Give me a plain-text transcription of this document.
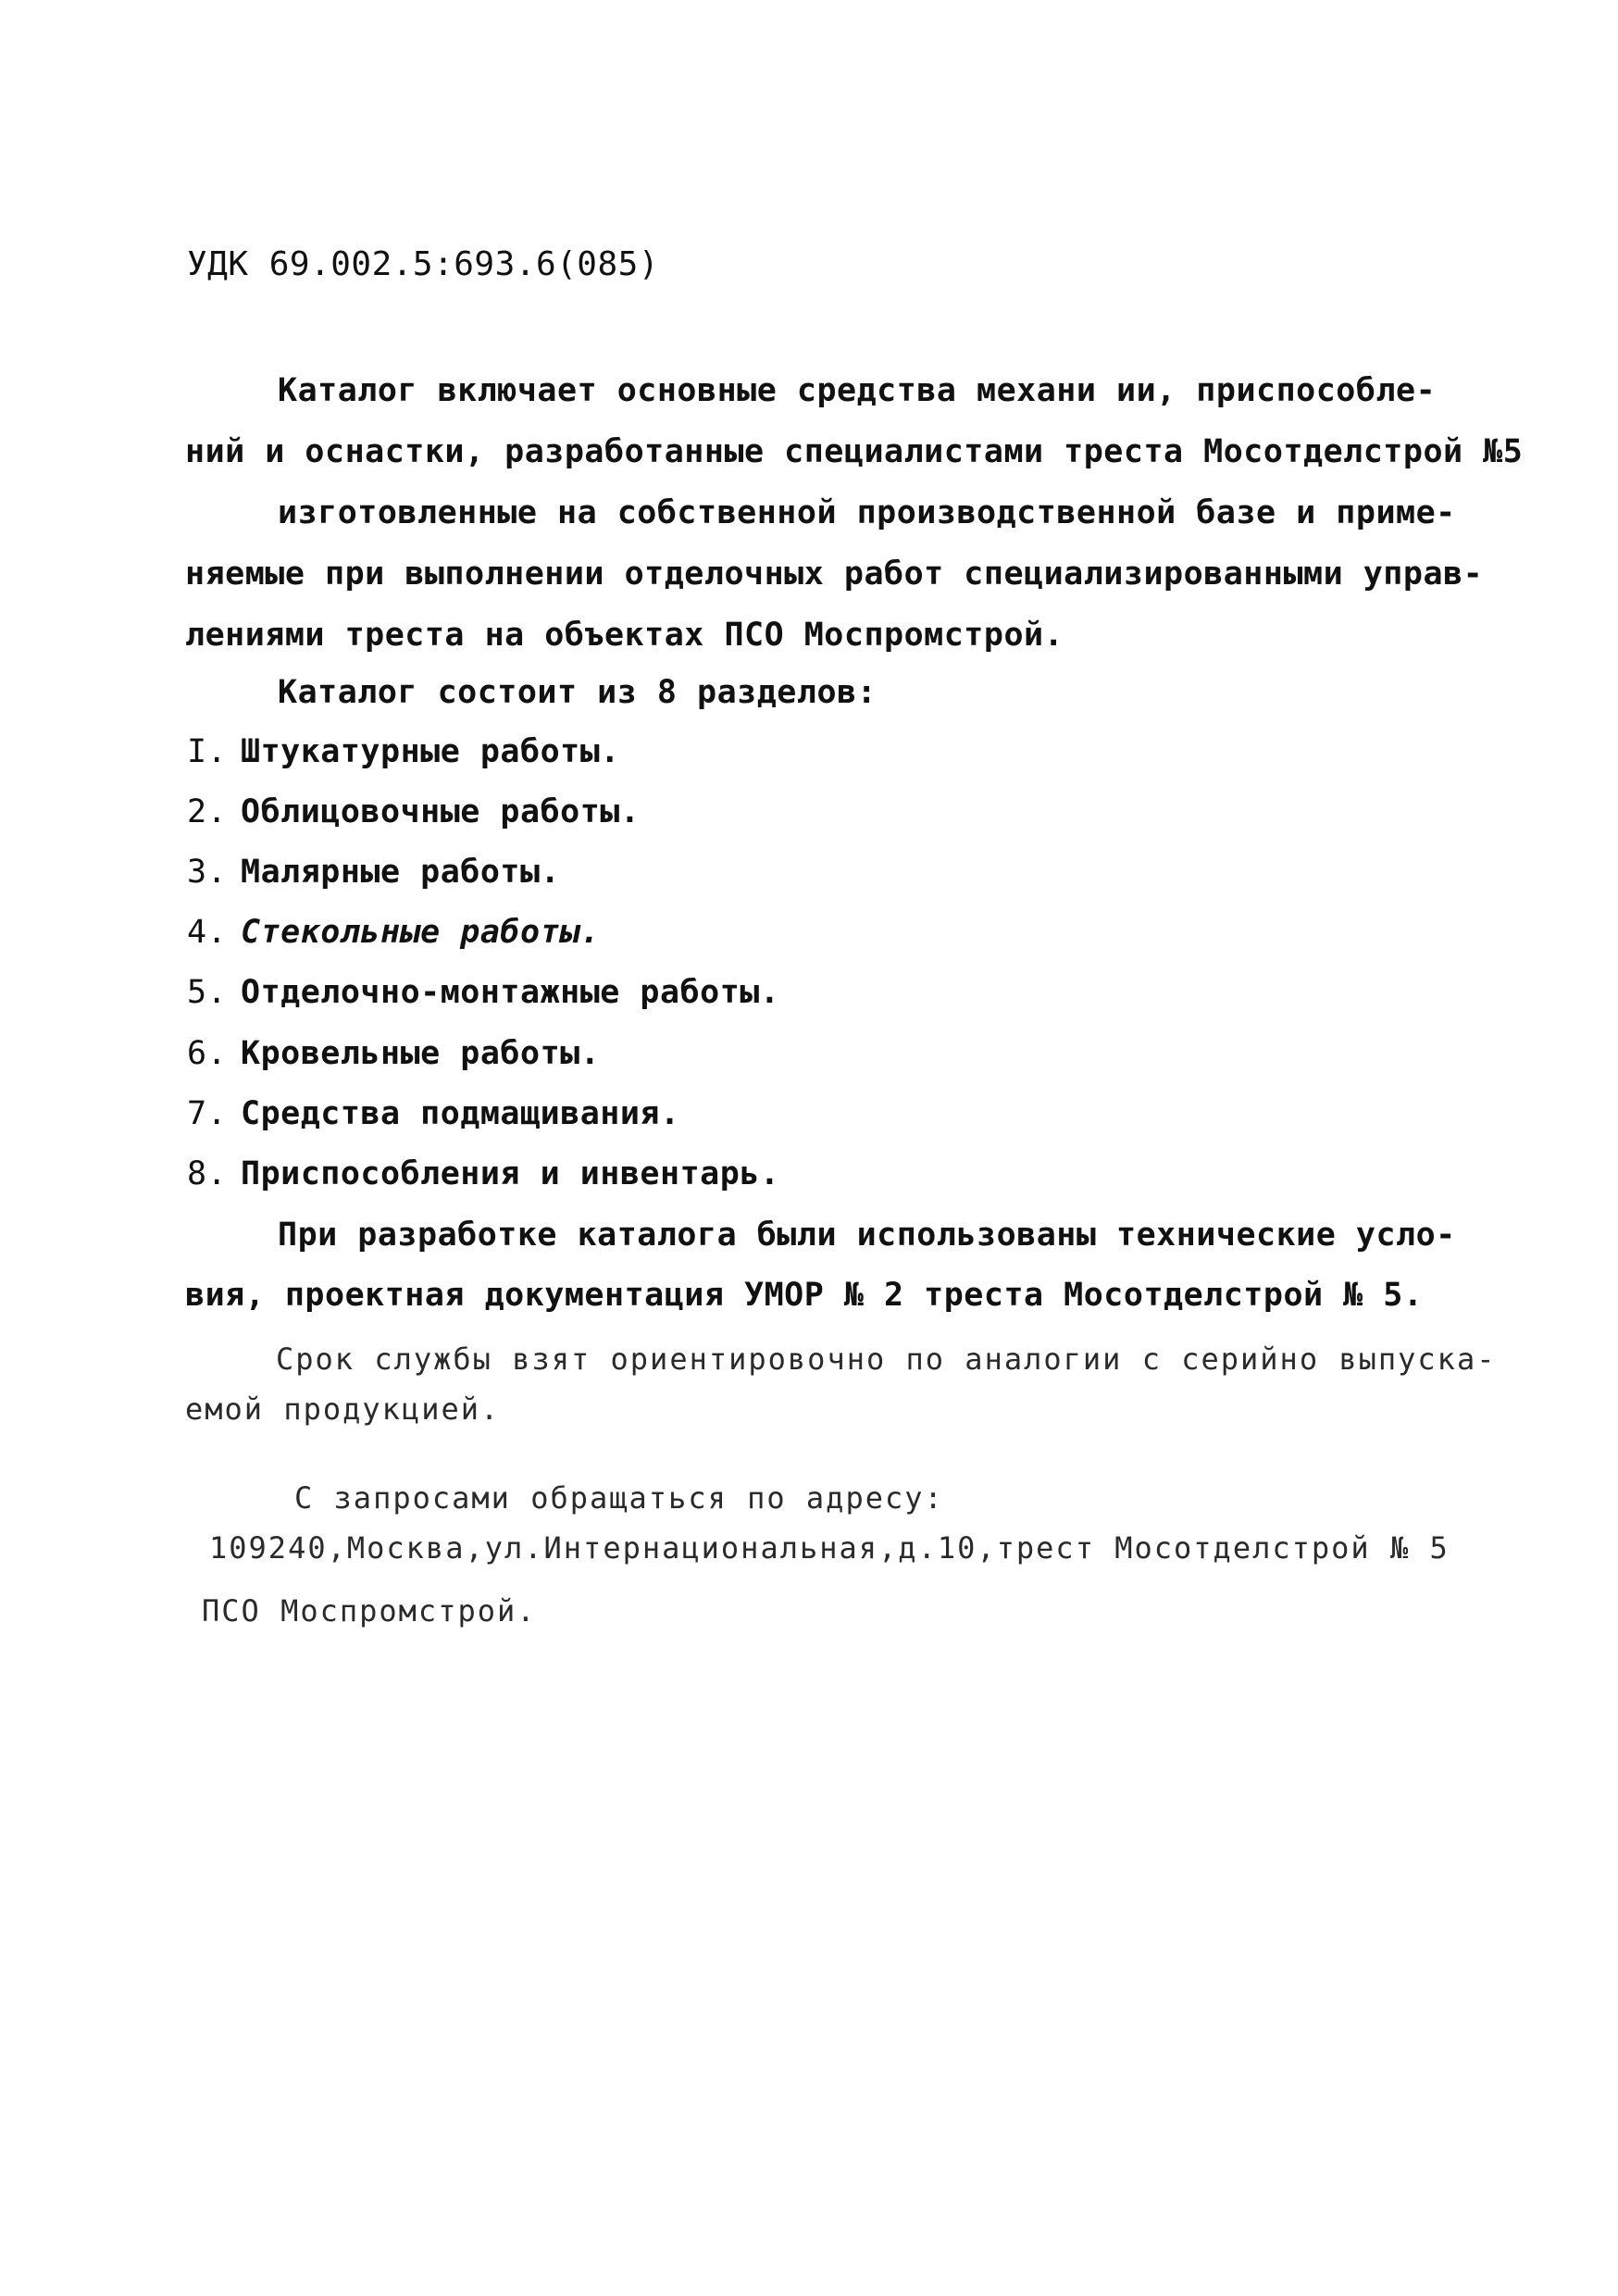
УДК 69.002.5:693.6(085)
Каталог включает основные средства механи ии, приспособле-
ний и оснастки, разработанные специалистами треста Мосотделстрой №5
изготовленные на собственной производственной базе и приме-
няемые при выполнении отделочных работ специализированными управ-
лениями треста на объектах ПСО Моспромстрой.
Каталог состоит из 8 разделов:
I. Штукатурные работы.
2. Облицовочные работы.
3. Малярные работы.
4. Стекольные работы.
5. Отделочно-монтажные работы.
6. Кровельные работы.
7. Средства подмащивания.
8. Приспособления и инвентарь.
При разработке каталога были использованы технические усло-
вия, проектная документация УМОР № 2 треста Мосотделстрой № 5.
Срок службы взят ориентировочно по аналогии с серийно выпуска-
емой продукцией.
С запросами обращаться по адресу:
109240,Москва,ул.Интернациональная,д.10,трест Мосотделстрой № 5
ПСО Моспромстрой.
